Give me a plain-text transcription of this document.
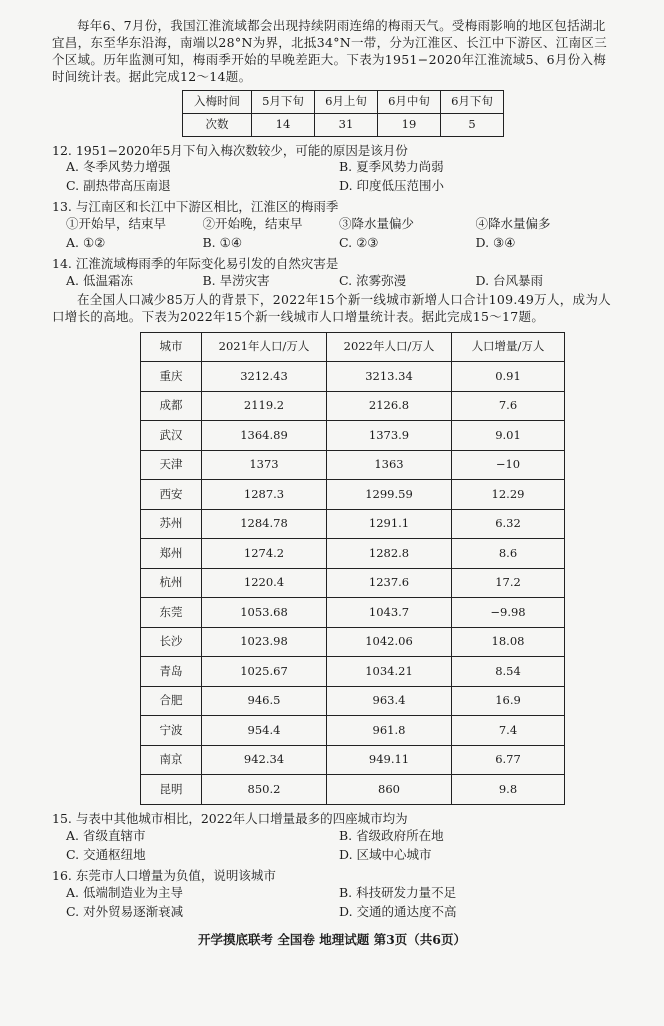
每年6、7月份，我国江淮流域都会出现持续阴雨连绵的梅雨天气。受梅雨影响的地区包括湖北宜昌，东至华东沿海，南端以28°N为界，北抵34°N一带，分为江淮区、长江中下游区、江南区三个区域。历年监测可知，梅雨季开始的早晚差距大。下表为1951−2020年江淮流域5、6月份入梅时间统计表。据此完成12～14题。

入梅时间	5月下旬	6月上旬	6月中旬	6月下旬
次数	14	31	19	5
12. 1951−2020年5月下旬入梅次数较少，可能的原因是该月份
A. 冬季风势力增强	B. 夏季风势力尚弱
C. 副热带高压南退	D. 印度低压范围小
13. 与江南区和长江中下游区相比，江淮区的梅雨季
①开始早，结束早	②开始晚，结束早	③降水量偏少	④降水量偏多
A. ①②	B. ①④	C. ②③	D. ③④
14. 江淮流域梅雨季的年际变化易引发的自然灾害是
A. 低温霜冻	B. 旱涝灾害	C. 浓雾弥漫	D. 台风暴雨

在全国人口减少85万人的背景下，2022年15个新一线城市新增人口合计109.49万人，成为人口增长的高地。下表为2022年15个新一线城市人口增量统计表。据此完成15～17题。

城市	2021年人口/万人	2022年人口/万人	人口增量/万人
重庆	3212.43	3213.34	0.91
成都	2119.2	2126.8	7.6
武汉	1364.89	1373.9	9.01
天津	1373	1363	−10
西安	1287.3	1299.59	12.29
苏州	1284.78	1291.1	6.32
郑州	1274.2	1282.8	8.6
杭州	1220.4	1237.6	17.2
东莞	1053.68	1043.7	−9.98
长沙	1023.98	1042.06	18.08
青岛	1025.67	1034.21	8.54
合肥	946.5	963.4	16.9
宁波	954.4	961.8	7.4
南京	942.34	949.11	6.77
昆明	850.2	860	9.8
15. 与表中其他城市相比，2022年人口增量最多的四座城市均为
A. 省级直辖市	B. 省级政府所在地
C. 交通枢纽地	D. 区域中心城市
16. 东莞市人口增量为负值，说明该城市
A. 低端制造业为主导	B. 科技研发力量不足
C. 对外贸易逐渐衰减	D. 交通的通达度不高
开学摸底联考 全国卷 地理试题 第3页（共6页）
